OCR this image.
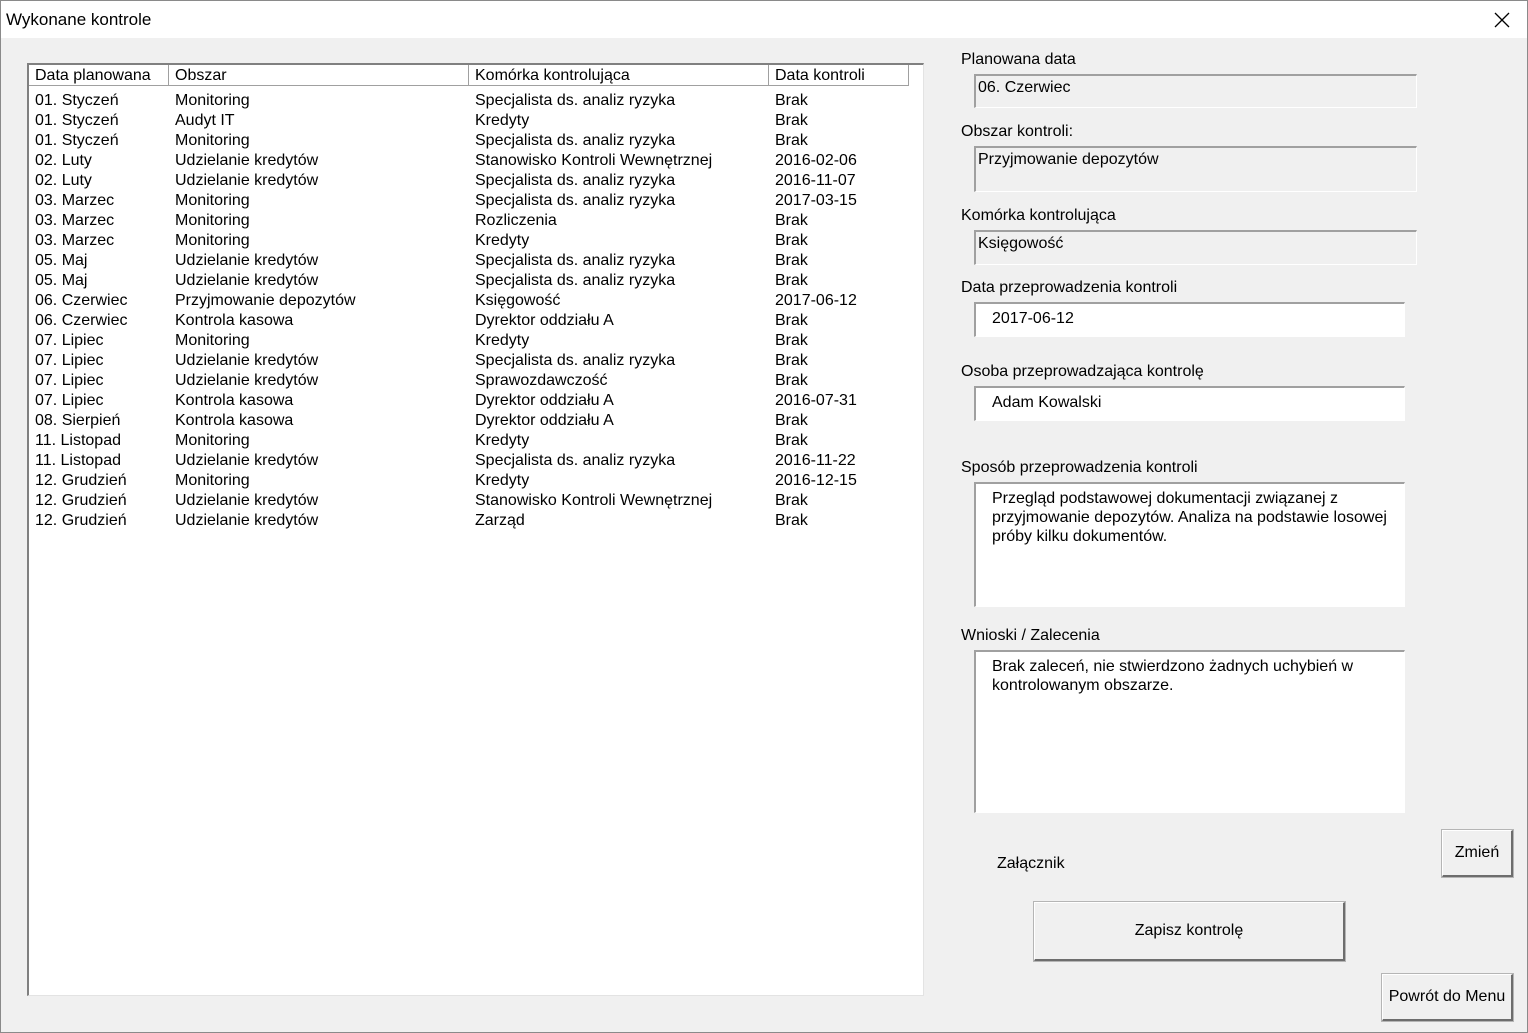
Wykonane kontrole
Data planowana	Obszar	Komórka kontrolująca	Data kontroli
01. Styczeń	Monitoring	Specjalista ds. analiz ryzyka	Brak
01. Styczeń	Audyt IT	Kredyty	Brak
01. Styczeń	Monitoring	Specjalista ds. analiz ryzyka	Brak
02. Luty	Udzielanie kredytów	Stanowisko Kontroli Wewnętrznej	2016-02-06
02. Luty	Udzielanie kredytów	Specjalista ds. analiz ryzyka	2016-11-07
03. Marzec	Monitoring	Specjalista ds. analiz ryzyka	2017-03-15
03. Marzec	Monitoring	Rozliczenia	Brak
03. Marzec	Monitoring	Kredyty	Brak
05. Maj	Udzielanie kredytów	Specjalista ds. analiz ryzyka	Brak
05. Maj	Udzielanie kredytów	Specjalista ds. analiz ryzyka	Brak
06. Czerwiec	Przyjmowanie depozytów	Księgowość	2017-06-12
06. Czerwiec	Kontrola kasowa	Dyrektor oddziału A	Brak
07. Lipiec	Monitoring	Kredyty	Brak
07. Lipiec	Udzielanie kredytów	Specjalista ds. analiz ryzyka	Brak
07. Lipiec	Udzielanie kredytów	Sprawozdawczość	Brak
07. Lipiec	Kontrola kasowa	Dyrektor oddziału A	2016-07-31
08. Sierpień	Kontrola kasowa	Dyrektor oddziału A	Brak
11. Listopad	Monitoring	Kredyty	Brak
11. Listopad	Udzielanie kredytów	Specjalista ds. analiz ryzyka	2016-11-22
12. Grudzień	Monitoring	Kredyty	2016-12-15
12. Grudzień	Udzielanie kredytów	Stanowisko Kontroli Wewnętrznej	Brak
12. Grudzień	Udzielanie kredytów	Zarząd	Brak
Planowana data
06. Czerwiec
Obszar kontroli:
Przyjmowanie depozytów
Komórka kontrolująca
Księgowość
Data przeprowadzenia kontroli
2017-06-12
Osoba przeprowadzająca kontrolę
Adam Kowalski
Sposób przeprowadzenia kontroli
Przegląd podstawowej dokumentacji związanej z przyjmowanie depozytów. Analiza na podstawie losowej próby kilku dokumentów.
Wnioski / Zalecenia
Brak zaleceń, nie stwierdzono żadnych uchybień w kontrolowanym obszarze.
Załącznik
Zmień
Zapisz kontrolę
Powrót do Menu
